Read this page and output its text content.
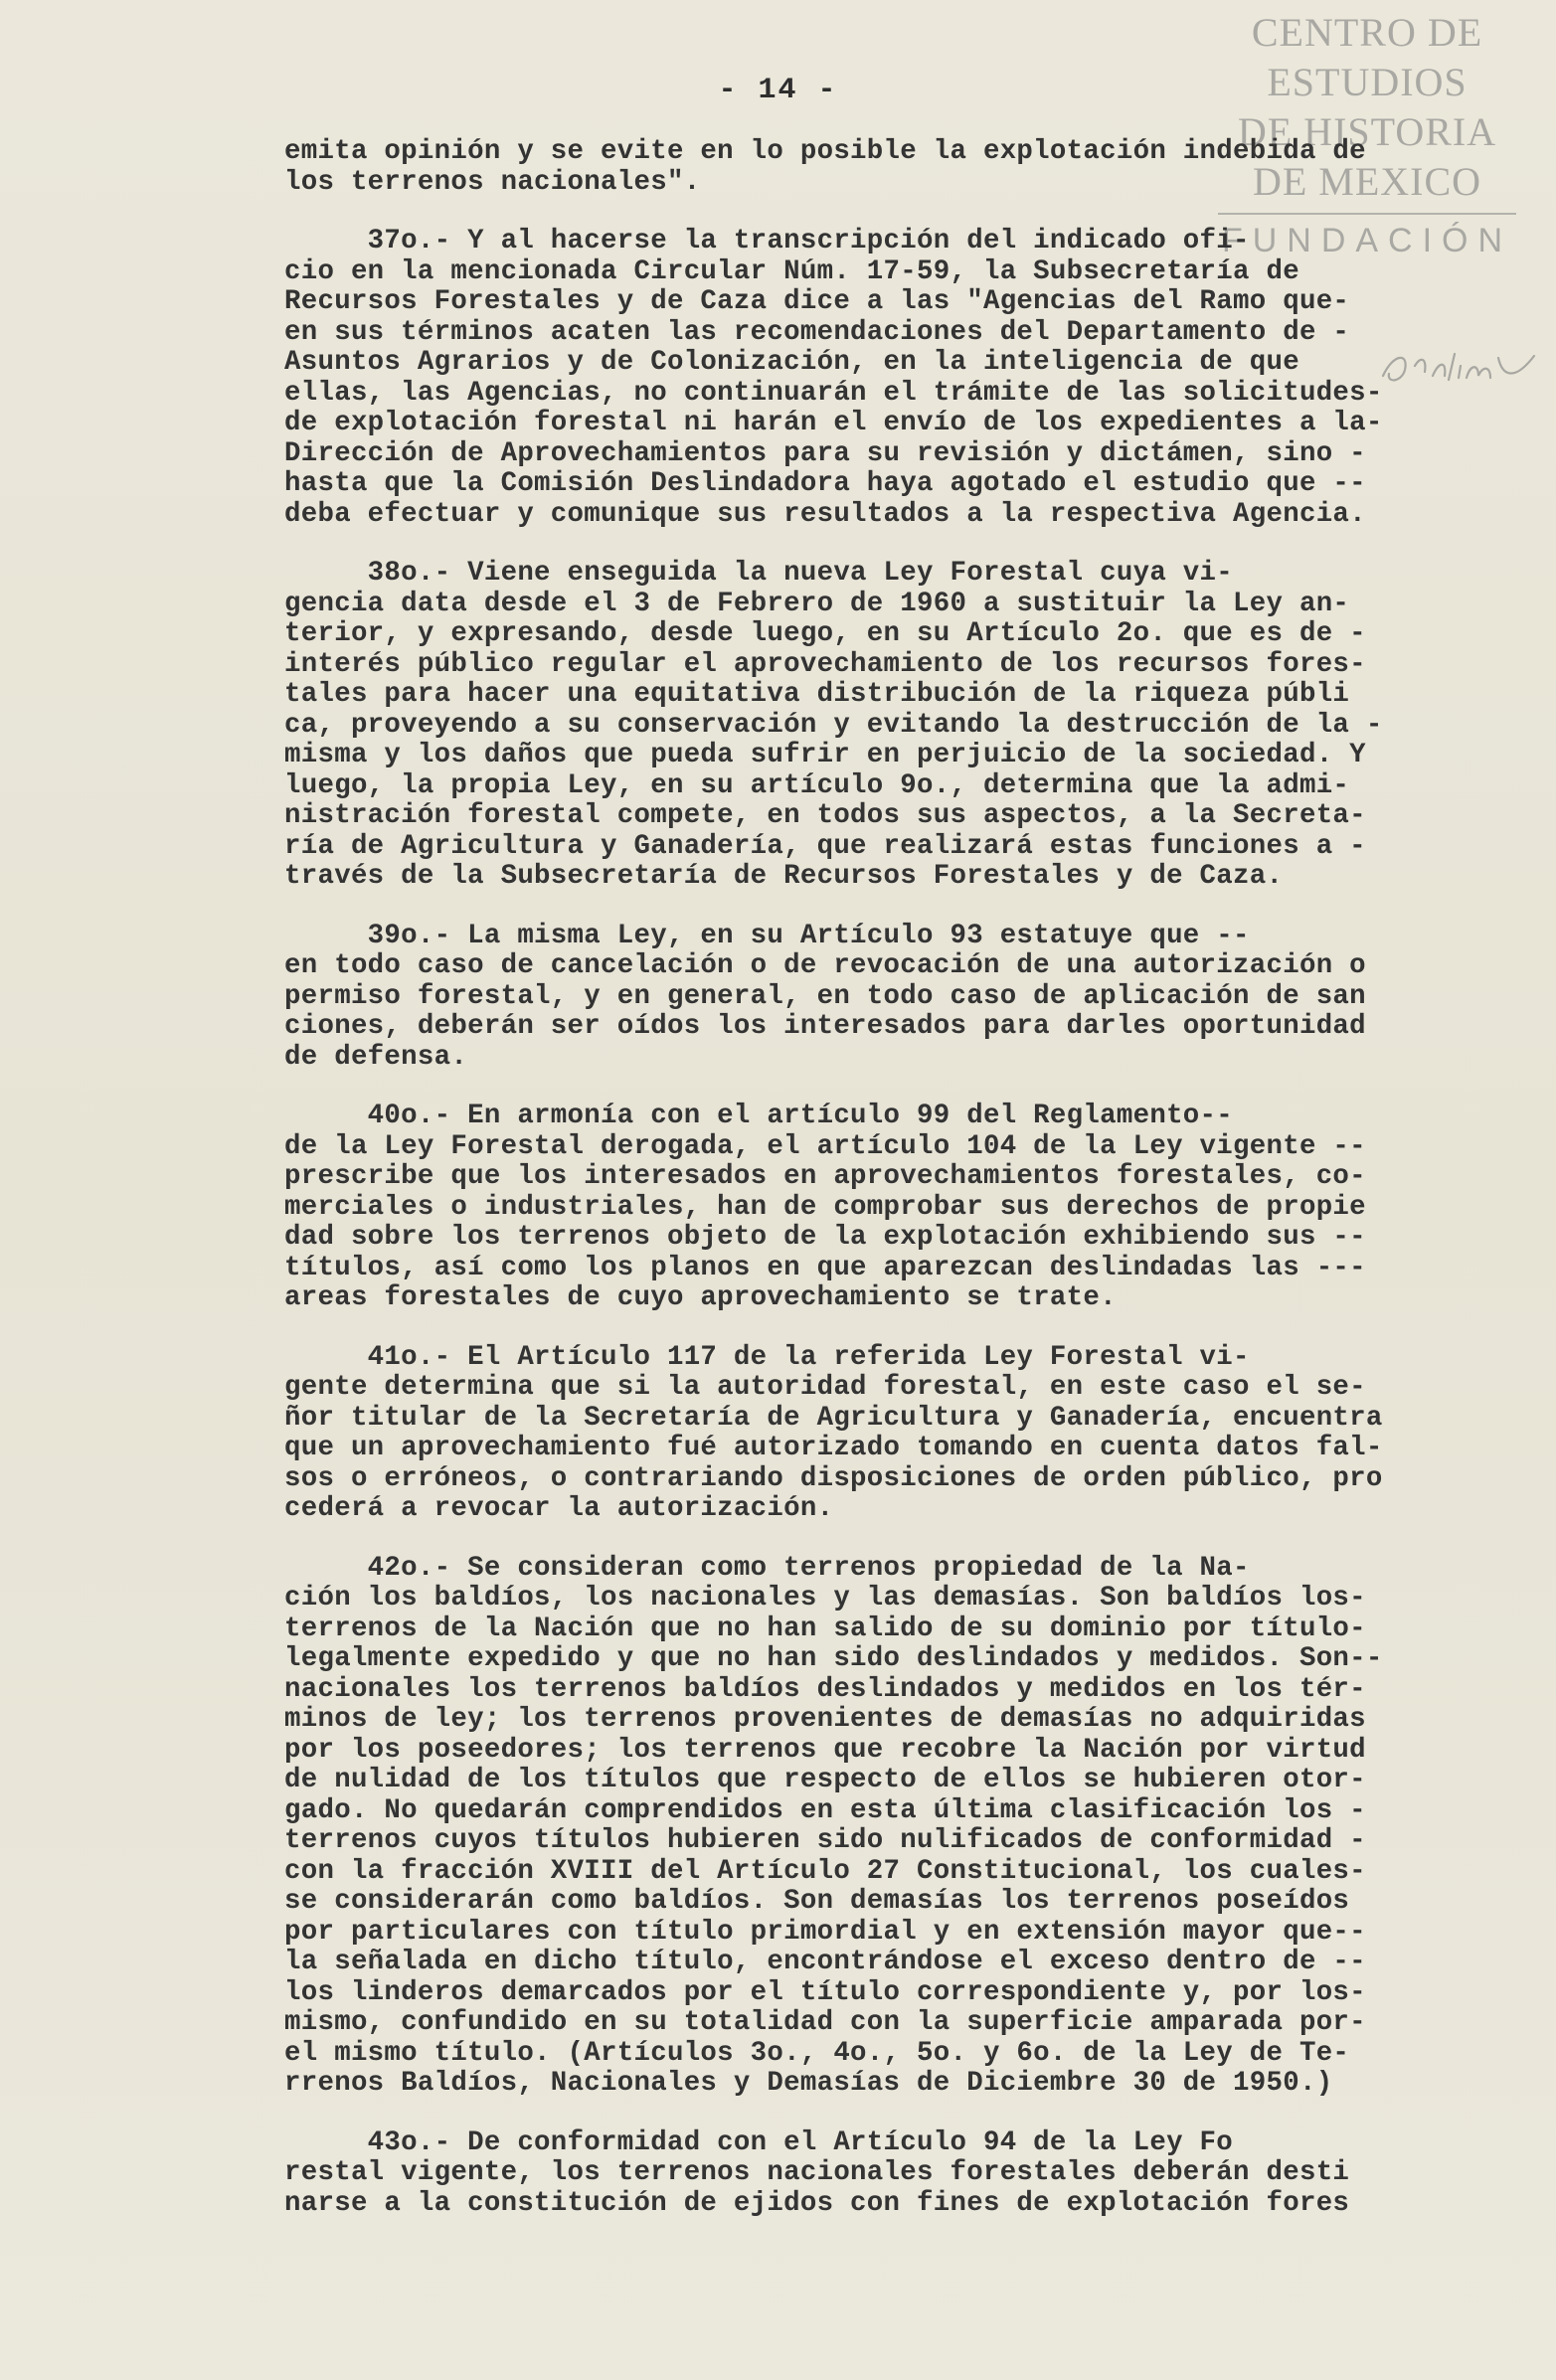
CENTRO DE
ESTUDIOS
DE HISTORIA
DE MEXICO
FUNDACIÓN
- 14 -
emita opinión y se evite en lo posible la explotación indebida de
los terrenos nacionales".
37o.- Y al hacerse la transcripción del indicado ofi-
cio en la mencionada Circular Núm. 17-59, la Subsecretaría de
Recursos Forestales y de Caza dice a las "Agencias del Ramo que-
en sus términos acaten las recomendaciones del Departamento de -
Asuntos Agrarios y de Colonización, en la inteligencia de que
ellas, las Agencias, no continuarán el trámite de las solicitudes-
de explotación forestal ni harán el envío de los expedientes a la-
Dirección de Aprovechamientos para su revisión y dictámen, sino -
hasta que la Comisión Deslindadora haya agotado el estudio que --
deba efectuar y comunique sus resultados a la respectiva Agencia.
38o.- Viene enseguida la nueva Ley Forestal cuya vi-
gencia data desde el 3 de Febrero de 1960 a sustituir la Ley an-
terior, y expresando, desde luego, en su Artículo 2o. que es de -
interés público regular el aprovechamiento de los recursos fores-
tales para hacer una equitativa distribución de la riqueza públi
ca, proveyendo a su conservación y evitando la destrucción de la -
misma y los daños que pueda sufrir en perjuicio de la sociedad. Y
luego, la propia Ley, en su artículo 9o., determina que la admi-
nistración forestal compete, en todos sus aspectos, a la Secreta-
ría de Agricultura y Ganadería, que realizará estas funciones a -
través de la Subsecretaría de Recursos Forestales y de Caza.
39o.- La misma Ley, en su Artículo 93 estatuye que --
en todo caso de cancelación o de revocación de una autorización o
permiso forestal, y en general, en todo caso de aplicación de san
ciones, deberán ser oídos los interesados para darles oportunidad
de defensa.
40o.- En armonía con el artículo 99 del Reglamento--
de la Ley Forestal derogada, el artículo 104 de la Ley vigente --
prescribe que los interesados en aprovechamientos forestales, co-
merciales o industriales, han de comprobar sus derechos de propie
dad sobre los terrenos objeto de la explotación exhibiendo sus --
títulos, así como los planos en que aparezcan deslindadas las ---
areas forestales de cuyo aprovechamiento se trate.
41o.- El Artículo 117 de la referida Ley Forestal vi-
gente determina que si la autoridad forestal, en este caso el se-
ñor titular de la Secretaría de Agricultura y Ganadería, encuentra
que un aprovechamiento fué autorizado tomando en cuenta datos fal-
sos o erróneos, o contrariando disposiciones de orden público, pro
cederá a revocar la autorización.
42o.- Se consideran como terrenos propiedad de la Na-
ción los baldíos, los nacionales y las demasías. Son baldíos los-
terrenos de la Nación que no han salido de su dominio por título-
legalmente expedido y que no han sido deslindados y medidos. Son--
nacionales los terrenos baldíos deslindados y medidos en los tér-
minos de ley; los terrenos provenientes de demasías no adquiridas
por los poseedores; los terrenos que recobre la Nación por virtud
de nulidad de los títulos que respecto de ellos se hubieren otor-
gado. No quedarán comprendidos en esta última clasificación los -
terrenos cuyos títulos hubieren sido nulificados de conformidad -
con la fracción XVIII del Artículo 27 Constitucional, los cuales-
se considerarán como baldíos. Son demasías los terrenos poseídos
por particulares con título primordial y en extensión mayor que--
la señalada en dicho título, encontrándose el exceso dentro de --
los linderos demarcados por el título correspondiente y, por los-
mismo, confundido en su totalidad con la superficie amparada por-
el mismo título. (Artículos 3o., 4o., 5o. y 6o. de la Ley de Te-
rrenos Baldíos, Nacionales y Demasías de Diciembre 30 de 1950.)
43o.- De conformidad con el Artículo 94 de la Ley Fo
restal vigente, los terrenos nacionales forestales deberán desti
narse a la constitución de ejidos con fines de explotación fores
